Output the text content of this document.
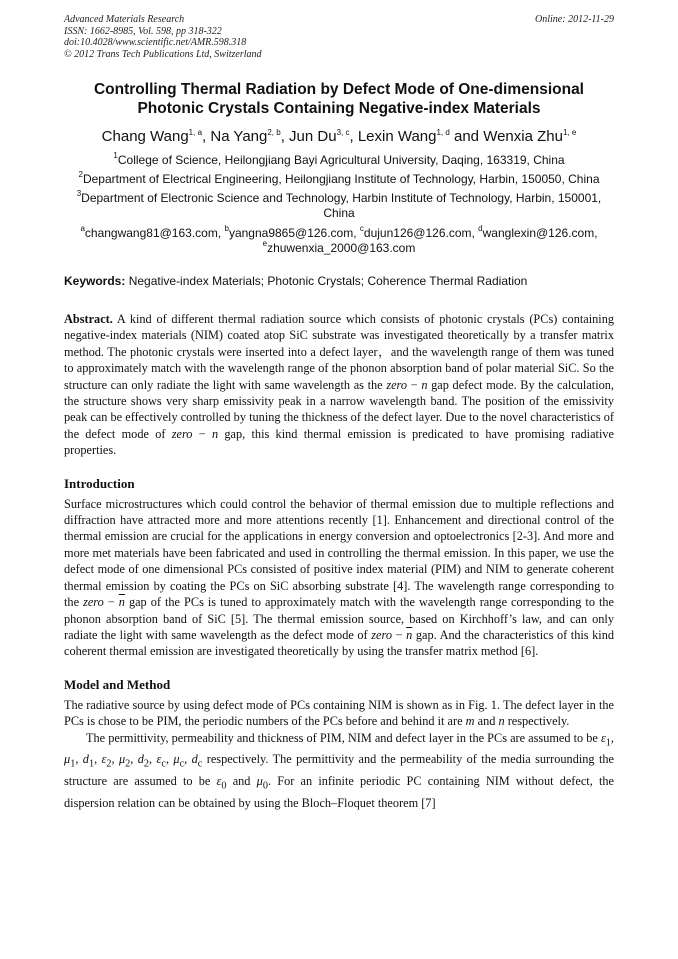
Advanced Materials Research
ISSN: 1662-8985, Vol. 598, pp 318-322
doi:10.4028/www.scientific.net/AMR.598.318
© 2012 Trans Tech Publications Ltd, Switzerland
Online: 2012-11-29
Controlling Thermal Radiation by Defect Mode of One-dimensional Photonic Crystals Containing Negative-index Materials
Chang Wang$^{1, a}$, Na Yang$^{2, b}$, Jun Du$^{3, c}$, Lexin Wang$^{1, d}$ and Wenxia Zhu$^{1, e}$
$^1$College of Science, Heilongjiang Bayi Agricultural University, Daqing, 163319, China
$^2$Department of Electrical Engineering, Heilongjiang Institute of Technology, Harbin, 150050, China
$^3$Department of Electronic Science and Technology, Harbin Institute of Technology, Harbin, 150001, China
$^a$changwang81@163.com, $^b$yangna9865@126.com, $^c$dujun126@126.com, $^d$wanglexin@126.com, $^e$zhuwenxia_2000@163.com
Keywords: Negative-index Materials; Photonic Crystals; Coherence Thermal Radiation
Abstract. A kind of different thermal radiation source which consists of photonic crystals (PCs) containing negative-index materials (NIM) coated atop SiC substrate was investigated theoretically by a transfer matrix method. The photonic crystals were inserted into a defect layer，and the wavelength range of them was tuned to approximately match with the wavelength range of the phonon absorption band of polar material SiC. So the structure can only radiate the light with same wavelength as the zero − n gap defect mode. By the calculation, the structure shows very sharp emissivity peak in a narrow wavelength band. The position of the emissivity peak can be effectively controlled by tuning the thickness of the defect layer. Due to the novel characteristics of the defect mode of zero − n gap, this kind thermal emission is predicated to have promising radiative properties.
Introduction

Surface microstructures which could control the behavior of thermal emission due to multiple reflections and diffraction have attracted more and more attentions recently [1]. Enhancement and directional control of the thermal emission are crucial for the applications in energy conversion and optoelectronics [2-3]. And more and more met materials have been fabricated and used in controlling the thermal emission. In this paper, we use the defect mode of one dimensional PCs consisted of positive index material (PIM) and NIM to generate coherent thermal emission by coating the PCs on SiC absorbing substrate [4]. The wavelength range corresponding to the zero − $\overline{n}$ gap of the PCs is tuned to approximately match with the wavelength range corresponding to the phonon absorption band of SiC [5]. The thermal emission source, based on Kirchhoff’s law, and can only radiate the light with same wavelength as the defect mode of zero − $\overline{n}$ gap. And the characteristics of this kind coherent thermal emission are investigated theoretically by using the transfer matrix method [6].

Model and Method

The radiative source by using defect mode of PCs containing NIM is shown as in Fig. 1. The defect layer in the PCs is chose to be PIM, the periodic numbers of the PCs before and behind it are m and n respectively.

The permittivity, permeability and thickness of PIM, NIM and defect layer in the PCs are assumed to be $\varepsilon_1$, $\mu_1$, $d_1$, $\varepsilon_2$, $\mu_2$, $d_2$, $\varepsilon_c$, $\mu_c$, $d_c$ respectively. The permittivity and the permeability of the media surrounding the structure are assumed to be $\varepsilon_0$ and $\mu_0$. For an infinite periodic PC containing NIM without defect, the dispersion relation can be obtained by using the Bloch–Floquet theorem [7]
